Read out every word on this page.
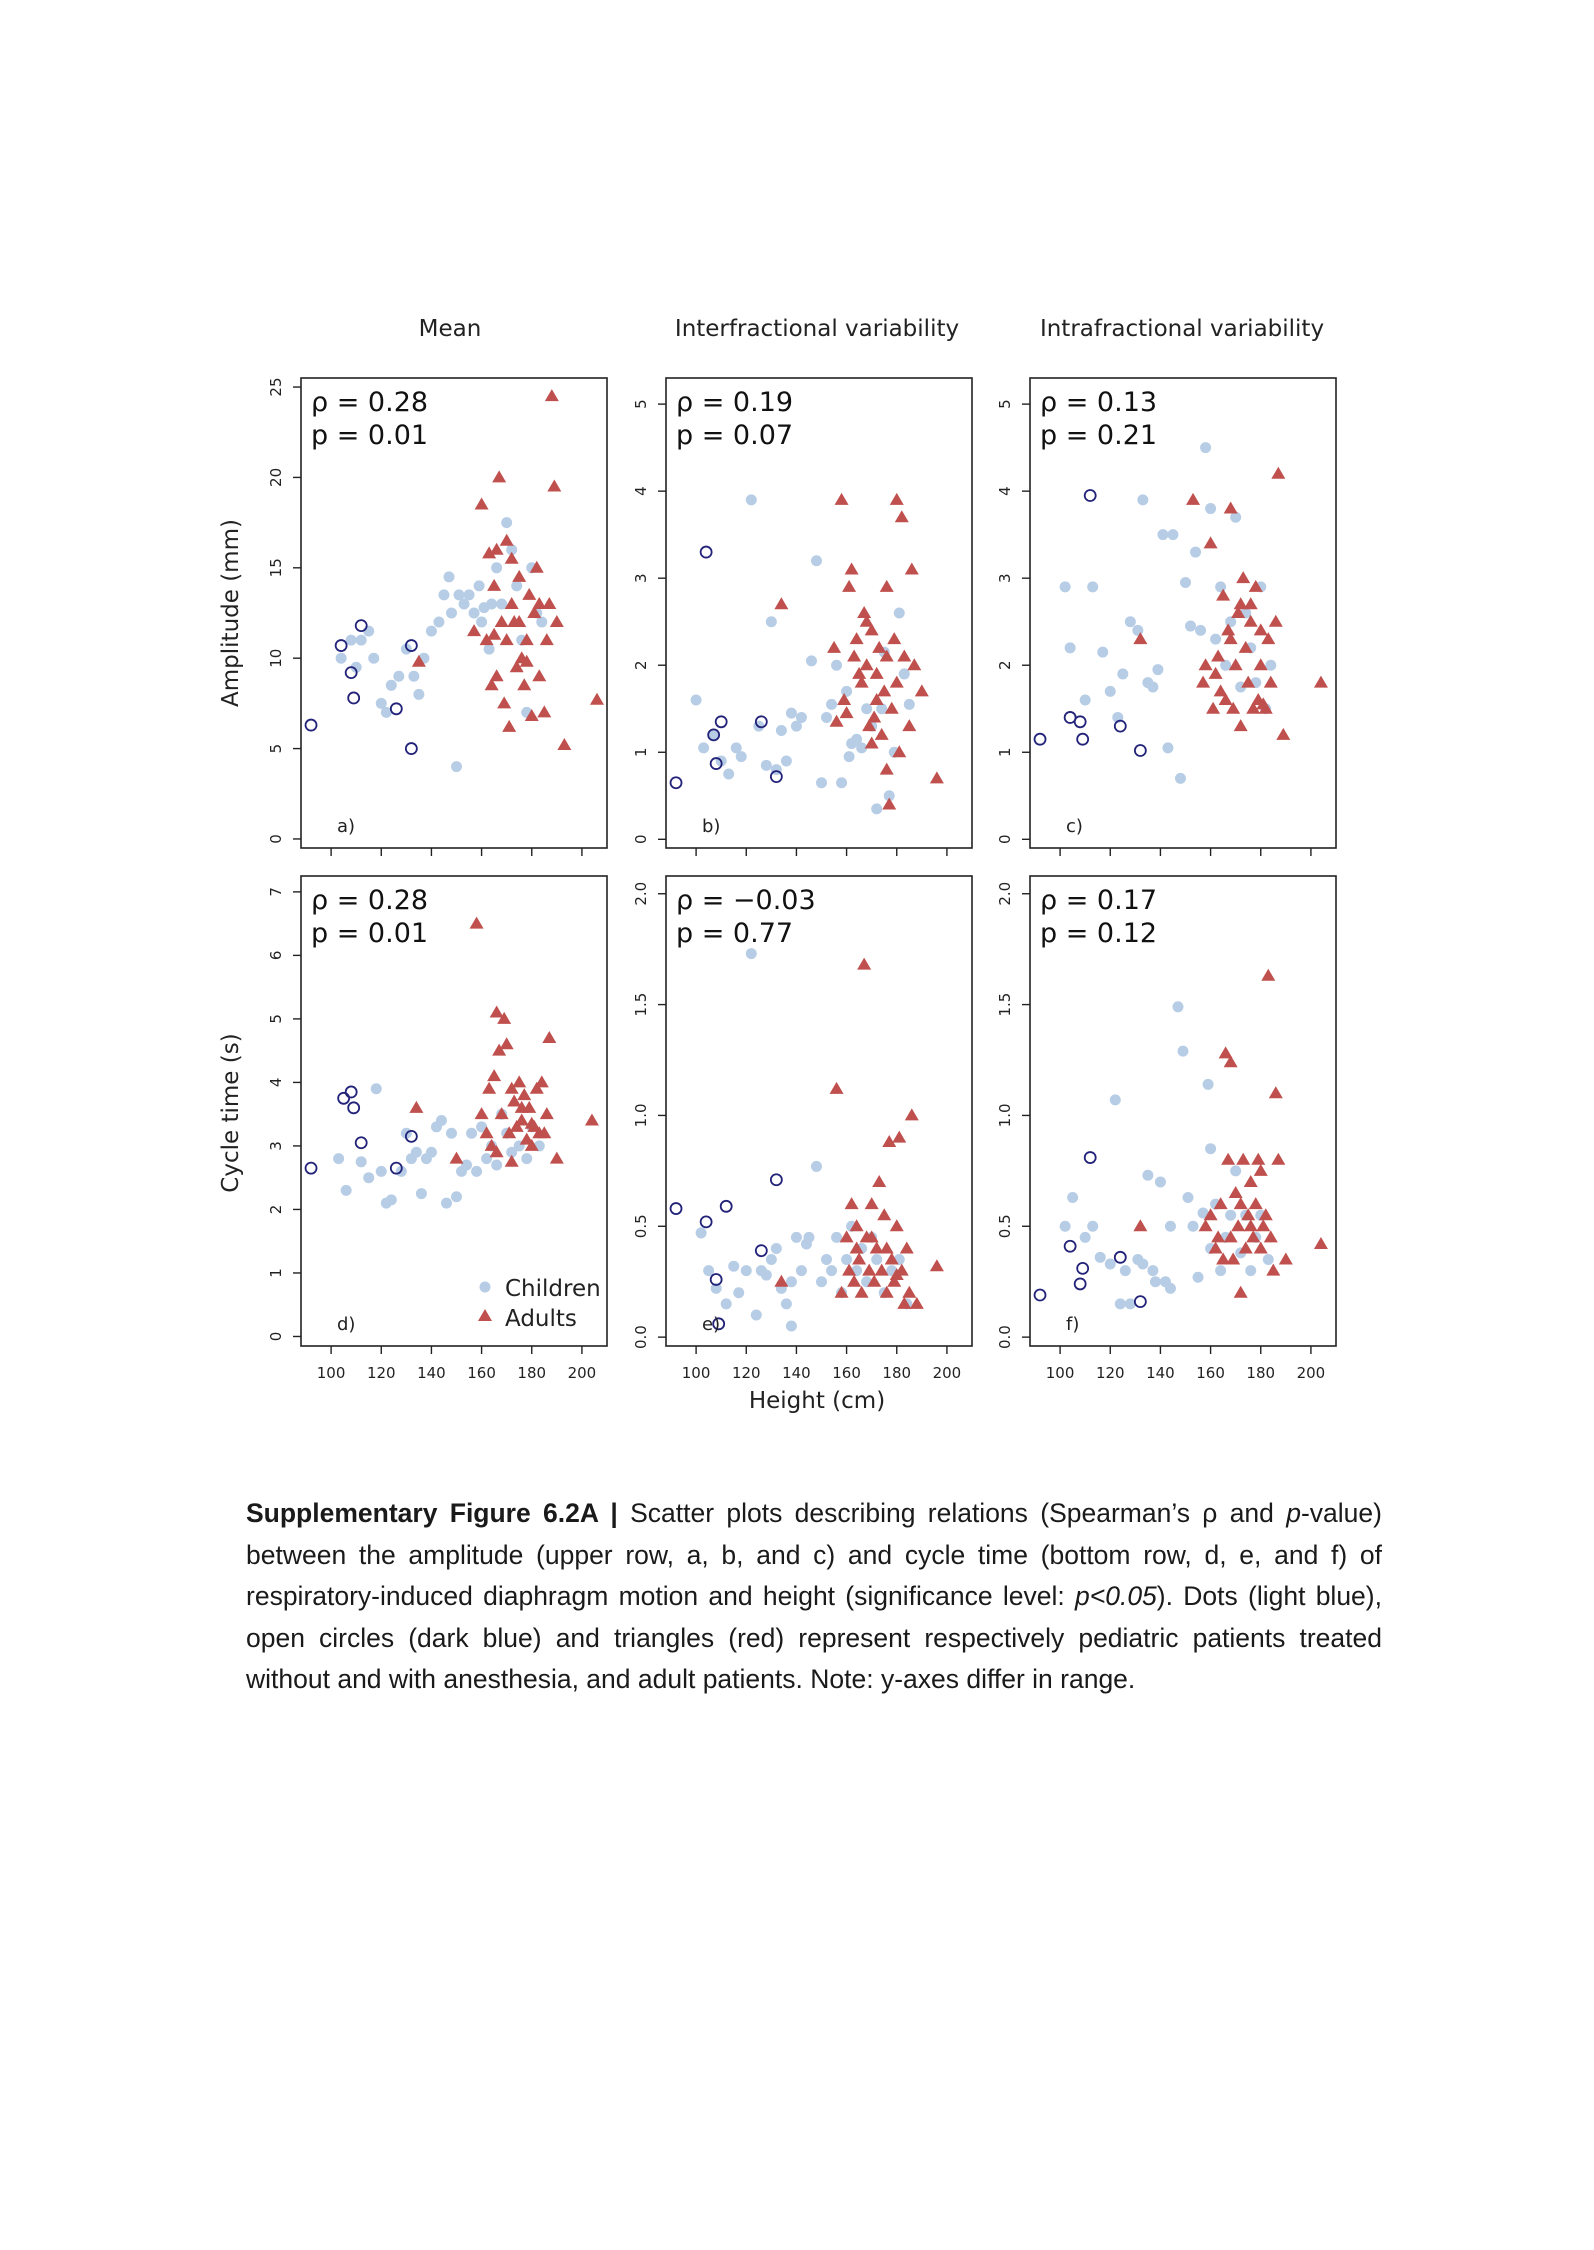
Mean	Interfractional variability	Intrafractional variability
Amplitude (mm)
Cycle time (s)
Height (cm)
0
5
10
15
20
25 ρ = 0.28
p = 0.01
a)
0
1
2
3
4
5 ρ = 0.19
p = 0.07
b)
0
1
2
3
4
5 ρ = 0.13
p = 0.21
c)
0
1
2
3
4
5
6
7
100 120 140 160 180 200
ρ = 0.28
p = 0.01
d)
0.0
0.5
1.0
1.5
2.0
100 120 140 160 180 200
ρ = −0.03
p = 0.77
e)
0.0
0.5
1.0
1.5
2.0
100 120 140 160 180 200
ρ = 0.17
p = 0.12
f)
Children
Adults
Supplementary Figure 6.2A | Scatter plots describing relations (Spearman’s ρ and p-value) between the amplitude (upper row, a, b, and c) and cycle time (bottom row, d, e, and f) of respiratory-induced diaphragm motion and height (significance level: p<0.05). Dots (light blue), open circles (dark blue) and triangles (red) represent respectively pediatric patients treated without and with anesthesia, and adult patients. Note: y-axes differ in range.
